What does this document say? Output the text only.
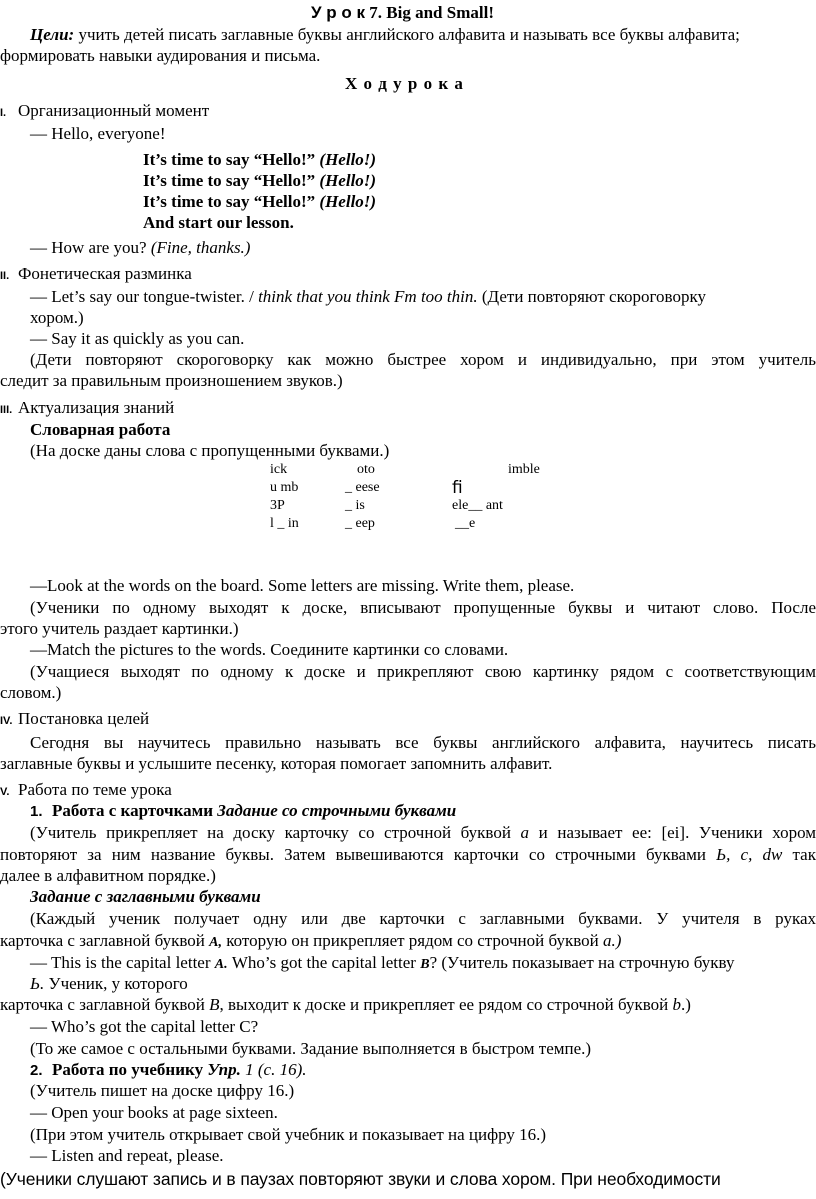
У р о к 7. Big and Small!
Цели: учить детей писать заглавные буквы английского алфавита и называть все буквы алфавита;
формировать навыки аудирования и письма.
Х о д у р о к а
I. Организационный момент
— Hello, everyone!
It’s time to say “Hello!” (Hello!)
It’s time to say “Hello!” (Hello!)
It’s time to say “Hello!” (Hello!)
And start our lesson.
— How are you? (Fine, thanks.)
II. Фонетическая разминка
— Let’s say our tongue-twister. / think that you think Fm too thin. (Дети повторяют скороговорку
хором.)
— Say it as quickly as you can.
(Дети повторяют скороговорку как можно быстрее хором и индивидуально, при этом учитель
следит за правильным произношением звуков.)
III. Актуализация знаний
Словарная работа
(На доске даны слова с пропущенными буквами.)
ick
u mb
3P
l _ in
oto
_ eese
_ is
_ eep
imble
ﬁ
ele__ ant
__e
—Look at the words on the board. Some letters are missing. Write them, please.
(Ученики по одному выходят к доске, вписывают пропущенные буквы и читают слово. После
этого учитель раздает картинки.)
—Match the pictures to the words. Соедините картинки со словами.
(Учащиеся выходят по одному к доске и прикрепляют свою картинку рядом с соответствующим
словом.)
IV. Постановка целей
Сегодня вы научитесь правильно называть все буквы английского алфавита, научитесь писать
заглавные буквы и услышите песенку, которая помогает запомнить алфавит.
V. Работа по теме урока
1. Работа с карточками Задание со строчными буквами
(Учитель прикрепляет на доску карточку со строчной буквой а и называет ее: [ei]. Ученики хором
повторяют за ним название буквы. Затем вывешиваются карточки со строчными буквами Ь, c, dw так
далее в алфавитном порядке.)
Задание с заглавными буквами
(Каждый ученик получает одну или две карточки с заглавными буквами. У учителя в руках
карточка с заглавной буквой А, которую он прикрепляет рядом со строчной буквой а.)
— This is the capital letter А. Who’s got the capital letter В? (Учитель показывает на строчную букву
Ь. Ученик, у которого
карточка с заглавной буквой В, выходит к доске и прикрепляет ее рядом со строчной буквой b.)
— Who’s got the capital letter С?
(То же самое с остальными буквами. Задание выполняется в быстром темпе.)
2. Работа по учебнику Упр. 1 (с. 16).
(Учитель пишет на доске цифру 16.)
— Open your books at page sixteen.
(При этом учитель открывает свой учебник и показывает на цифру 16.)
— Listen and repeat, please.
(Ученики слушают запись и в паузах повторяют звуки и слова хором. При необходимости
